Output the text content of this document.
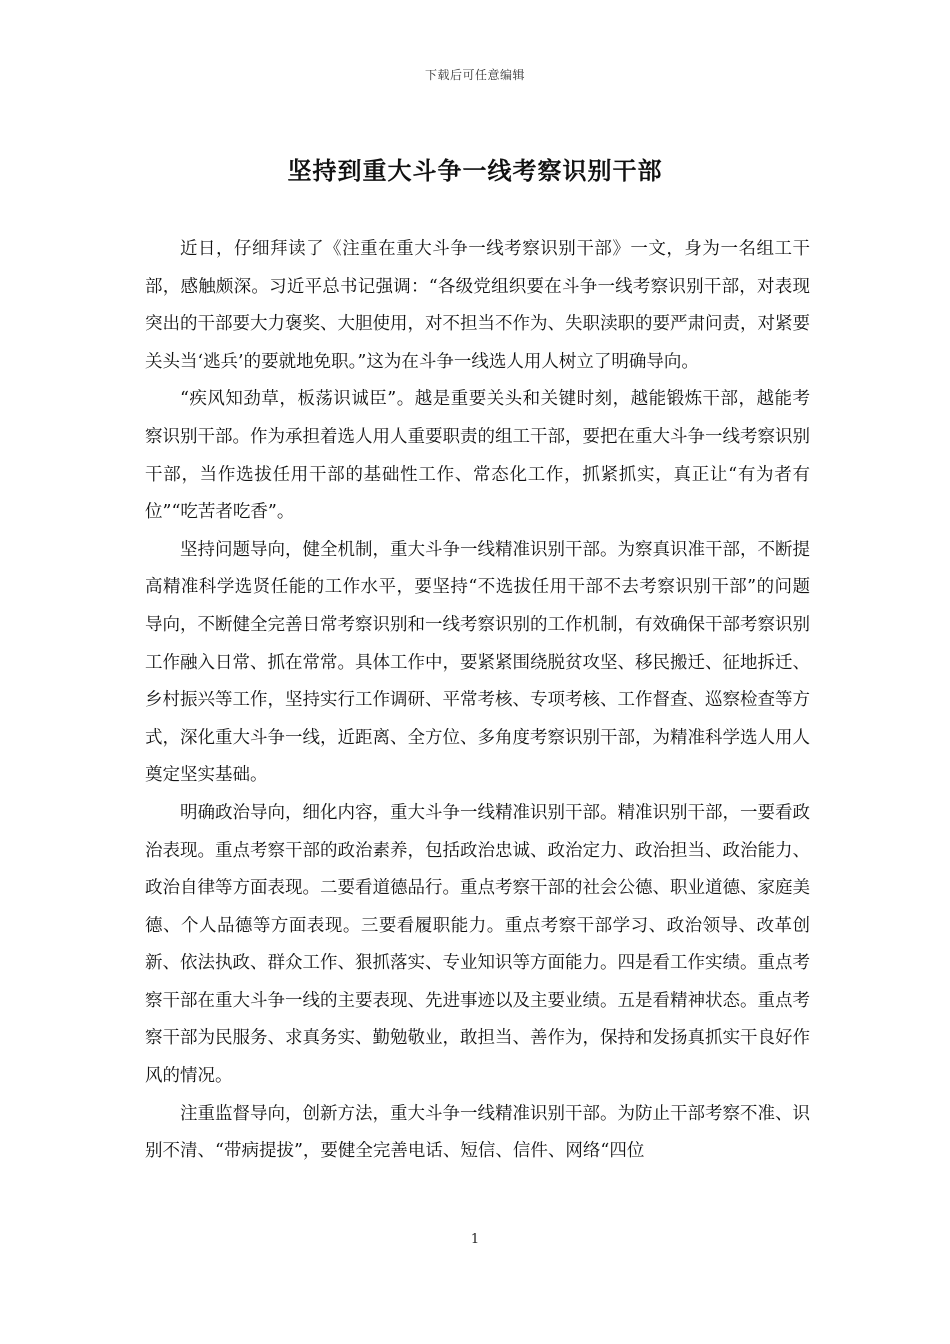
下载后可任意编辑
坚持到重大斗争一线考察识别干部

近日，仔细拜读了《注重在重大斗争一线考察识别干部》一文，身为一名组工干部，感触颇深。习近平总书记强调：“各级党组织要在斗争一线考察识别干部，对表现突出的干部要大力褒奖、大胆使用，对不担当不作为、失职渎职的要严肃问责，对紧要关头当‘逃兵’的要就地免职。”这为在斗争一线选人用人树立了明确导向。

“疾风知劲草，板荡识诚臣”。越是重要关头和关键时刻，越能锻炼干部，越能考察识别干部。作为承担着选人用人重要职责的组工干部，要把在重大斗争一线考察识别干部，当作选拔任用干部的基础性工作、常态化工作，抓紧抓实，真正让“有为者有位”“吃苦者吃香”。

坚持问题导向，健全机制，重大斗争一线精准识别干部。为察真识准干部，不断提高精准科学选贤任能的工作水平，要坚持“不选拔任用干部不去考察识别干部”的问题导向，不断健全完善日常考察识别和一线考察识别的工作机制，有效确保干部考察识别工作融入日常、抓在常常。具体工作中，要紧紧围绕脱贫攻坚、移民搬迁、征地拆迁、乡村振兴等工作，坚持实行工作调研、平常考核、专项考核、工作督查、巡察检查等方式，深化重大斗争一线，近距离、全方位、多角度考察识别干部，为精准科学选人用人奠定坚实基础。

明确政治导向，细化内容，重大斗争一线精准识别干部。精准识别干部，一要看政治表现。重点考察干部的政治素养，包括政治忠诚、政治定力、政治担当、政治能力、政治自律等方面表现。二要看道德品行。重点考察干部的社会公德、职业道德、家庭美德、个人品德等方面表现。三要看履职能力。重点考察干部学习、政治领导、改革创新、依法执政、群众工作、狠抓落实、专业知识等方面能力。四是看工作实绩。重点考察干部在重大斗争一线的主要表现、先进事迹以及主要业绩。五是看精神状态。重点考察干部为民服务、求真务实、勤勉敬业，敢担当、善作为，保持和发扬真抓实干良好作风的情况。

注重监督导向，创新方法，重大斗争一线精准识别干部。为防止干部考察不准、识别不清、“带病提拔”，要健全完善电话、短信、信件、网络“四位

1
